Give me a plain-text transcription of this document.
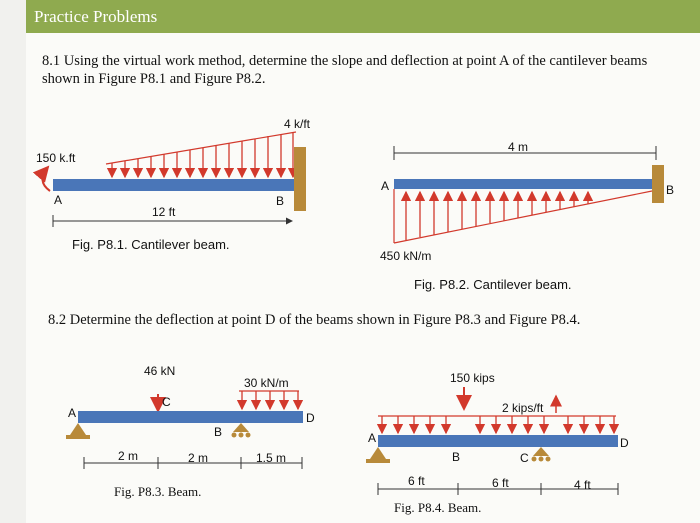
Practice Problems
8.1 Using the virtual work method, determine the slope and deflection at point A of the cantilever beams shown in Figure P8.1 and Figure P8.2.
8.2 Determine the deflection at point D of the beams shown in Figure P8.3 and Figure P8.4.
150 k.ft
4 k/ft
A	B
12 ft
Fig. P8.1. Cantilever beam.
4 m
A	B
450 kN/m
Fig. P8.2. Cantilever beam.
46 kN
30 kN/m
A
C
D
B
2 m	2 m	1.5 m
Fig. P8.3. Beam.
150 kips
2 kips/ft
A
B	C
D
6 ft	6 ft	4 ft
Fig. P8.4. Beam.
